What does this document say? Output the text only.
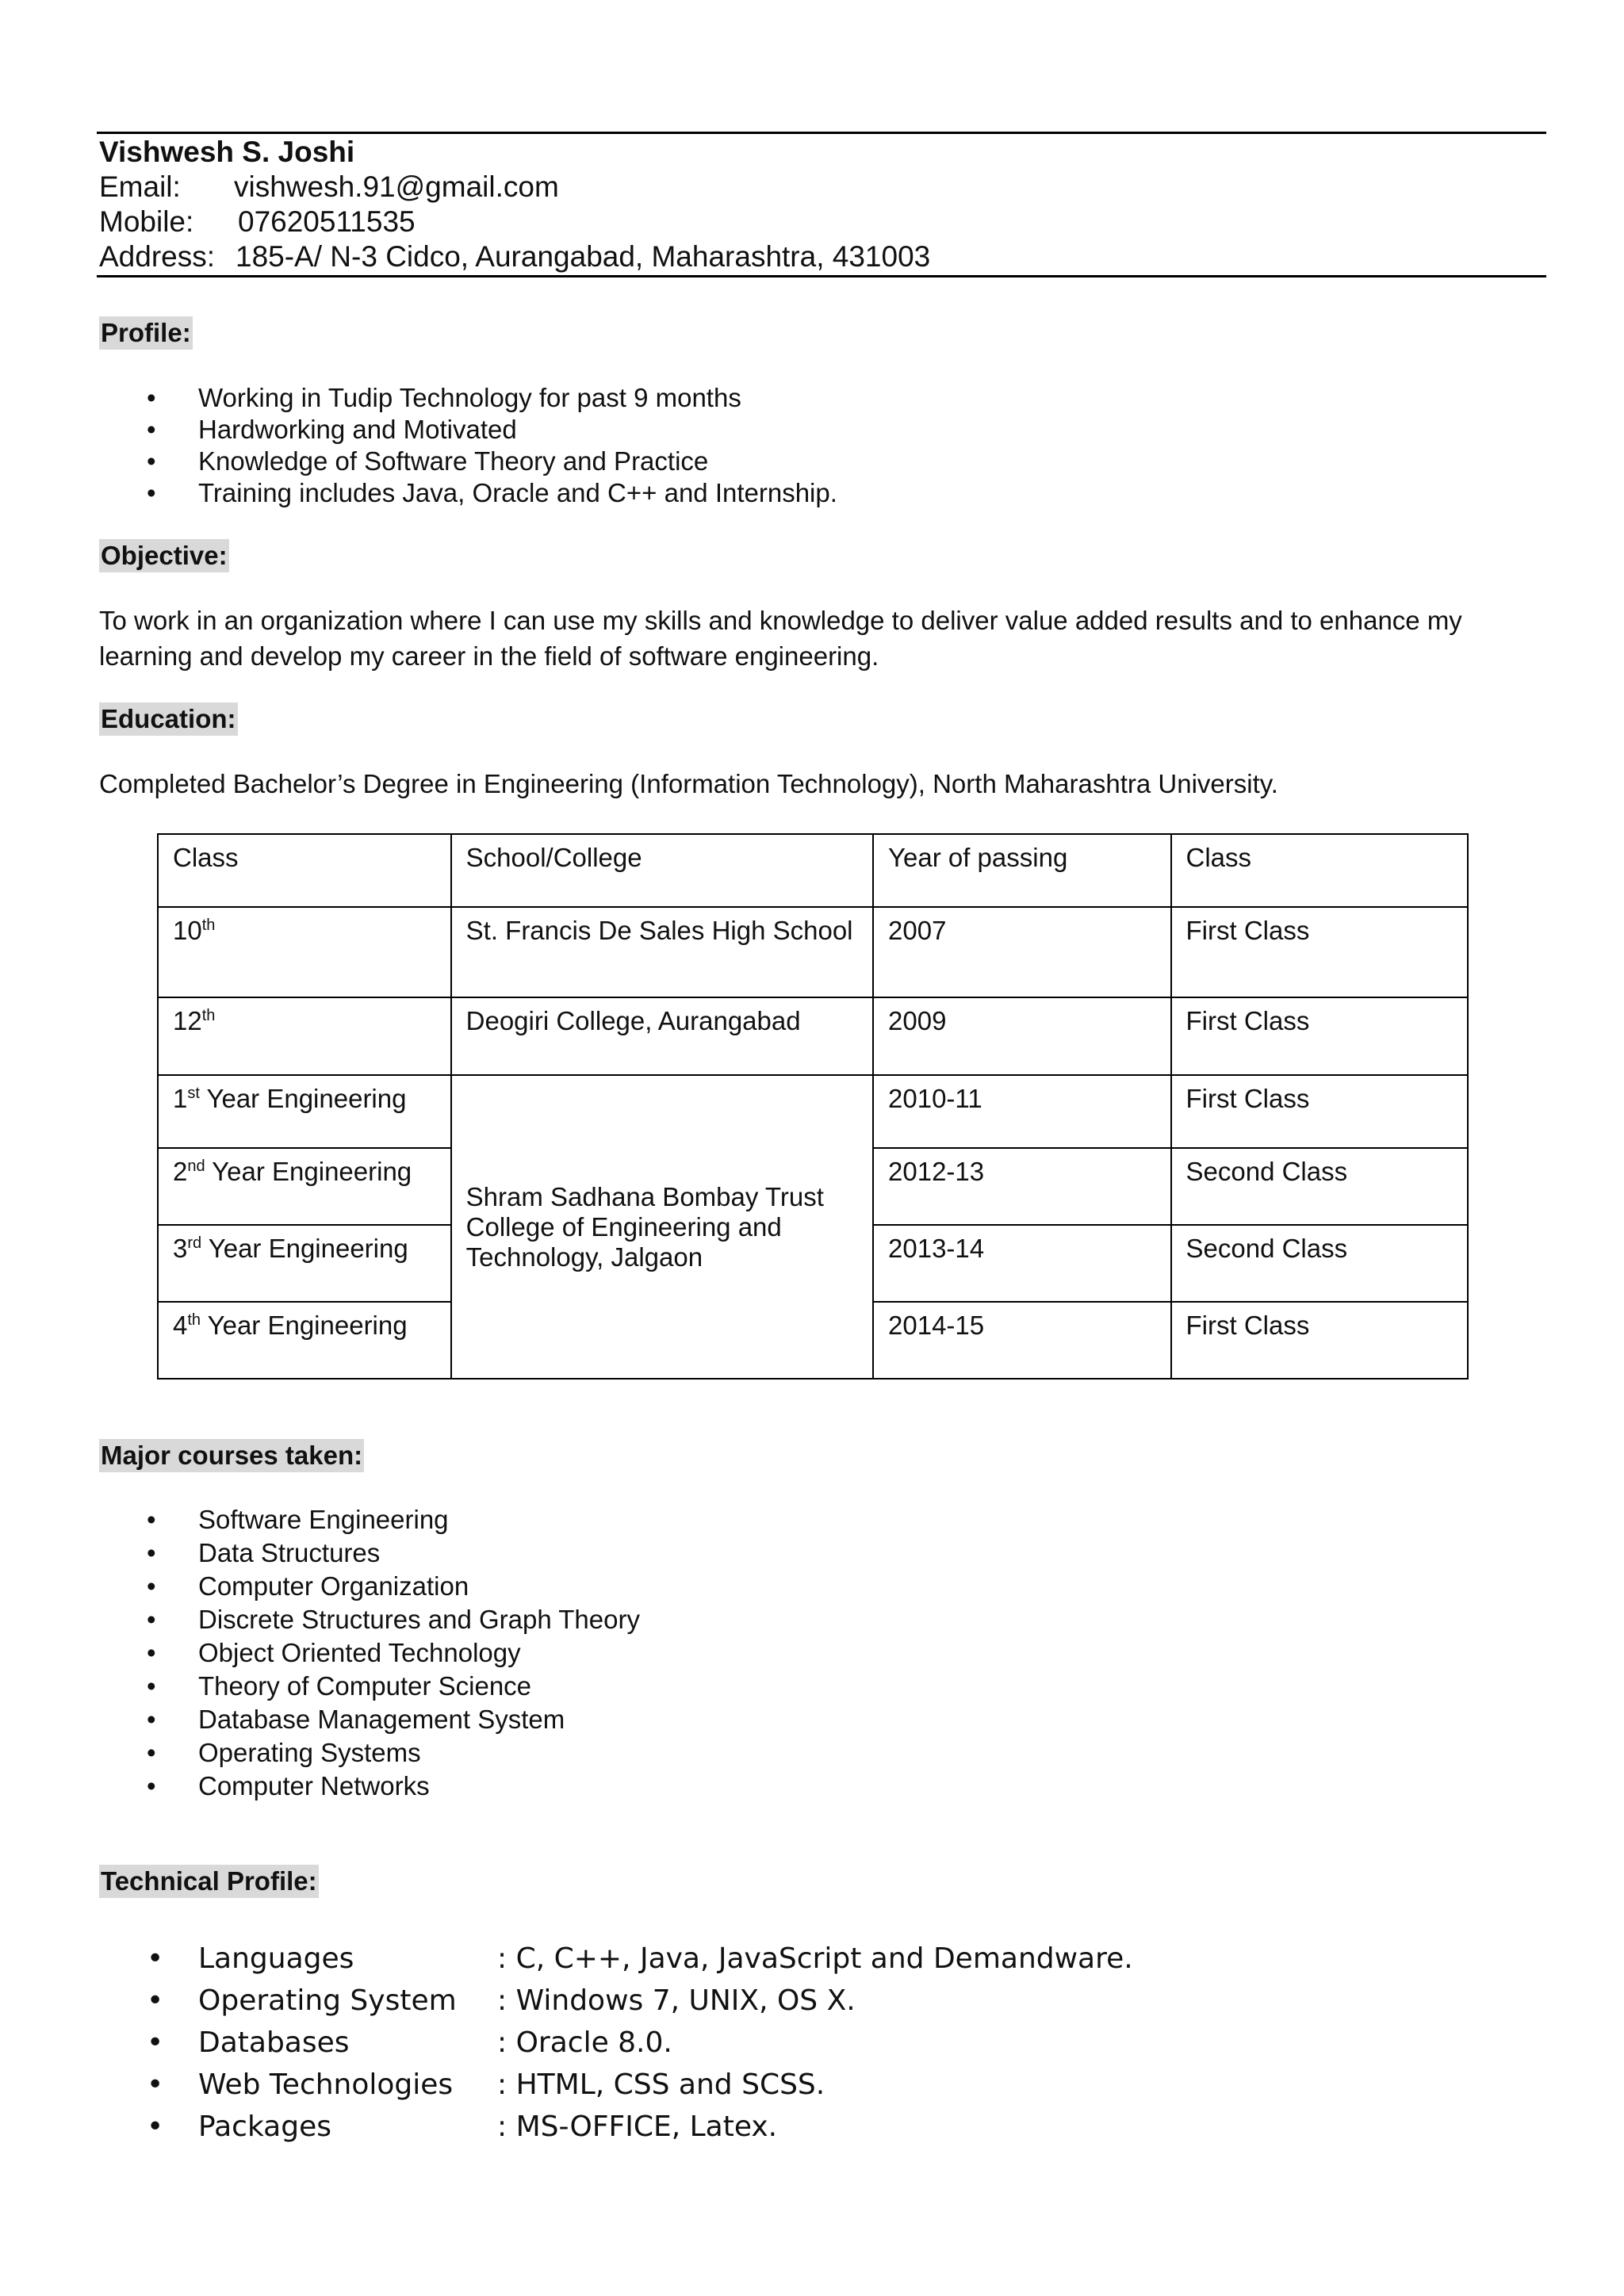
Vishwesh S. Joshi
Email: vishwesh.91@gmail.com
Mobile: 07620511535
Address: 185-A/ N-3 Cidco, Aurangabad, Maharashtra, 431003
Profile:
• Working in Tudip Technology for past 9 months
• Hardworking and Motivated
• Knowledge of Software Theory and Practice
• Training includes Java, Oracle and C++ and Internship.
Objective:
To work in an organization where I can use my skills and knowledge to deliver value added results and to enhance my learning and develop my career in the field of software engineering.
Education:
Completed Bachelor’s Degree in Engineering (Information Technology), North Maharashtra University.
Class	School/College	Year of passing	Class
10th	St. Francis De Sales High School	2007	First Class
12th	Deogiri College, Aurangabad	2009	First Class
1st Year Engineering	Shram Sadhana Bombay Trust College of Engineering and Technology, Jalgaon	2010-11	First Class
2nd Year Engineering		2012-13	Second Class
3rd Year Engineering		2013-14	Second Class
4th Year Engineering		2014-15	First Class
Major courses taken:
• Software Engineering
• Data Structures
• Computer Organization
• Discrete Structures and Graph Theory
• Object Oriented Technology
• Theory of Computer Science
• Database Management System
• Operating Systems
• Computer Networks
Technical Profile:
• Languages	: C, C++, Java, JavaScript and Demandware.
• Operating System : Windows 7, UNIX, OS X.
• Databases	: Oracle 8.0.
• Web Technologies : HTML, CSS and SCSS.
• Packages	: MS-OFFICE, Latex.
